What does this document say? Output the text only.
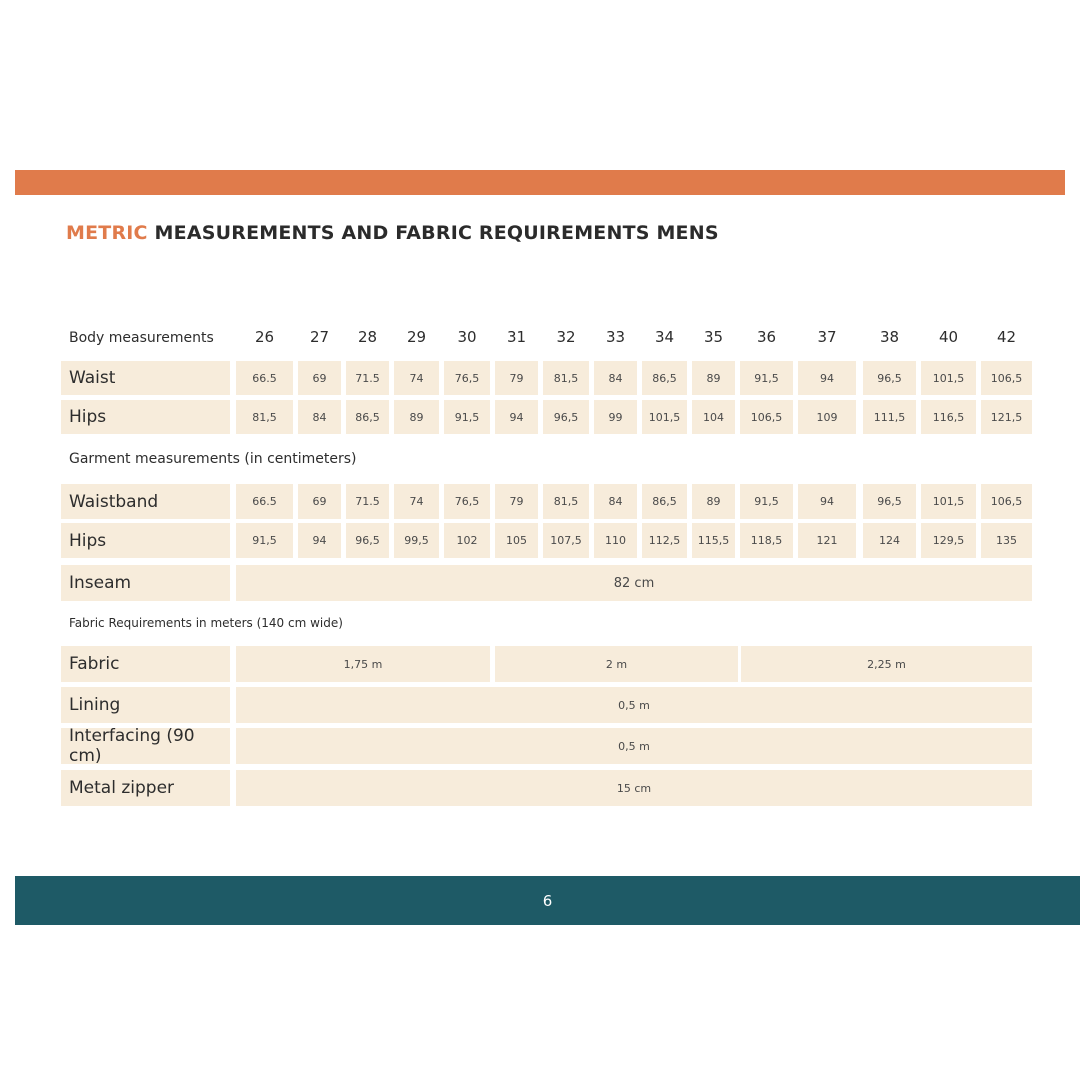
METRIC MEASUREMENTS AND FABRIC REQUIREMENTS MENS
Body measurements	26 27 28 29 30 31 32 33 34 35 36	37	38	40	42
Waist	66.5	69	71.5	74	76,5	79	81,5	84	86,5	89	91,5	94	96,5	101,5	106,5
Hips	81,5	84	86,5	89	91,5	94	96,5	99	101,5	104	106,5	109	111,5	116,5	121,5
Garment measurements (in centimeters)
Waistband	66.5	69	71.5	74	76,5	79	81,5	84	86,5	89	91,5	94	96,5	101,5	106,5
Hips	91,5	94	96,5	99,5	102	105	107,5	110	112,5	115,5	118,5	121	124	129,5	135
Inseam	82 cm
Fabric Requirements in meters (140 cm wide)
Fabric	1,75 m	2 m	2,25 m
Lining	0,5 m
Interfacing (90 cm)	0,5 m
Metal zipper	15 cm
6
